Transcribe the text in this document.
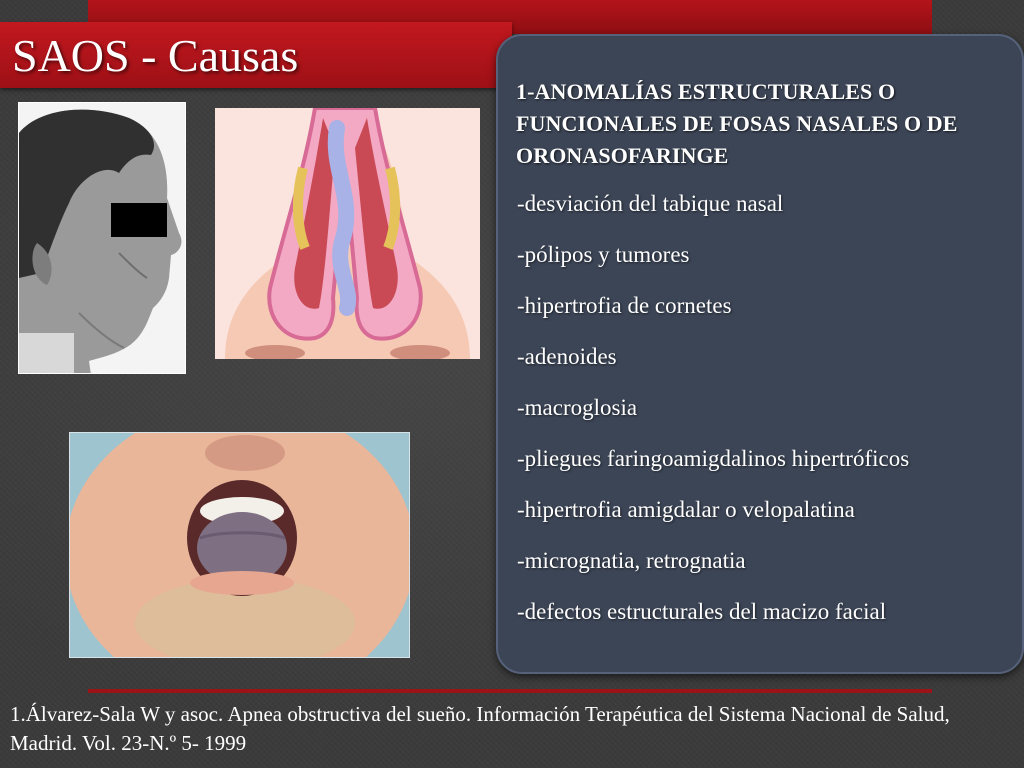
SAOS - Causas
1-ANOMALÍAS ESTRUCTURALES O FUNCIONALES DE FOSAS NASALES O DE ORONASOFARINGE
-desviación del tabique nasal
-pólipos y tumores
-hipertrofia de cornetes
-adenoides
-macroglosia
-pliegues faringoamigdalinos hipertróficos
-hipertrofia amigdalar o velopalatina
-micrognatia, retrognatia
-defectos estructurales del macizo facial

1.Álvarez-Sala W y asoc. Apnea obstructiva del sueño. Información Terapéutica del Sistema Nacional de Salud, Madrid. Vol. 23-N.º 5- 1999
